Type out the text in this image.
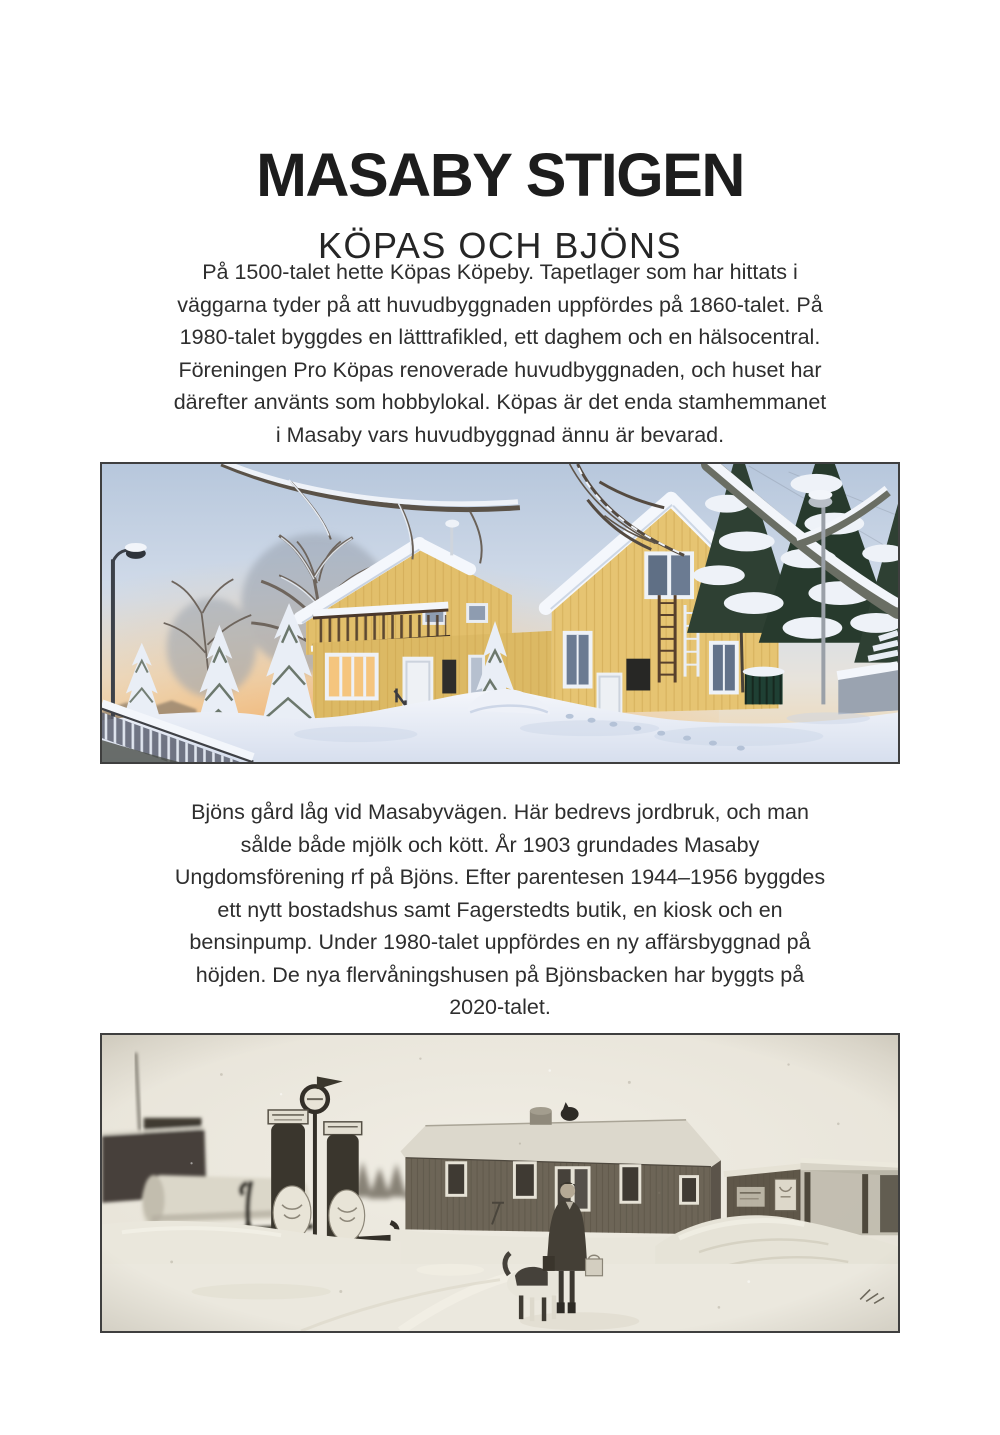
MASABY STIGEN
KÖPAS OCH BJÖNS
På 1500-talet hette Köpas Köpeby. Tapetlager som har hittats i
väggarna tyder på att huvudbyggnaden uppfördes på 1860-talet. På
1980-talet byggdes en lätttrafikled, ett daghem och en hälsocentral.
Föreningen Pro Köpas renoverade huvudbyggnaden, och huset har
därefter använts som hobbylokal. Köpas är det enda stamhemmanet
i Masaby vars huvudbyggnad ännu är bevarad.
Bjöns gård låg vid Masabyvägen. Här bedrevs jordbruk, och man
sålde både mjölk och kött. År 1903 grundades Masaby
Ungdomsförening rf på Bjöns. Efter parentesen 1944–1956 byggdes
ett nytt bostadshus samt Fagerstedts butik, en kiosk och en
bensinpump. Under 1980-talet uppfördes en ny affärsbyggnad på
höjden. De nya flervåningshusen på Bjönsbacken har byggts på
2020-talet.
